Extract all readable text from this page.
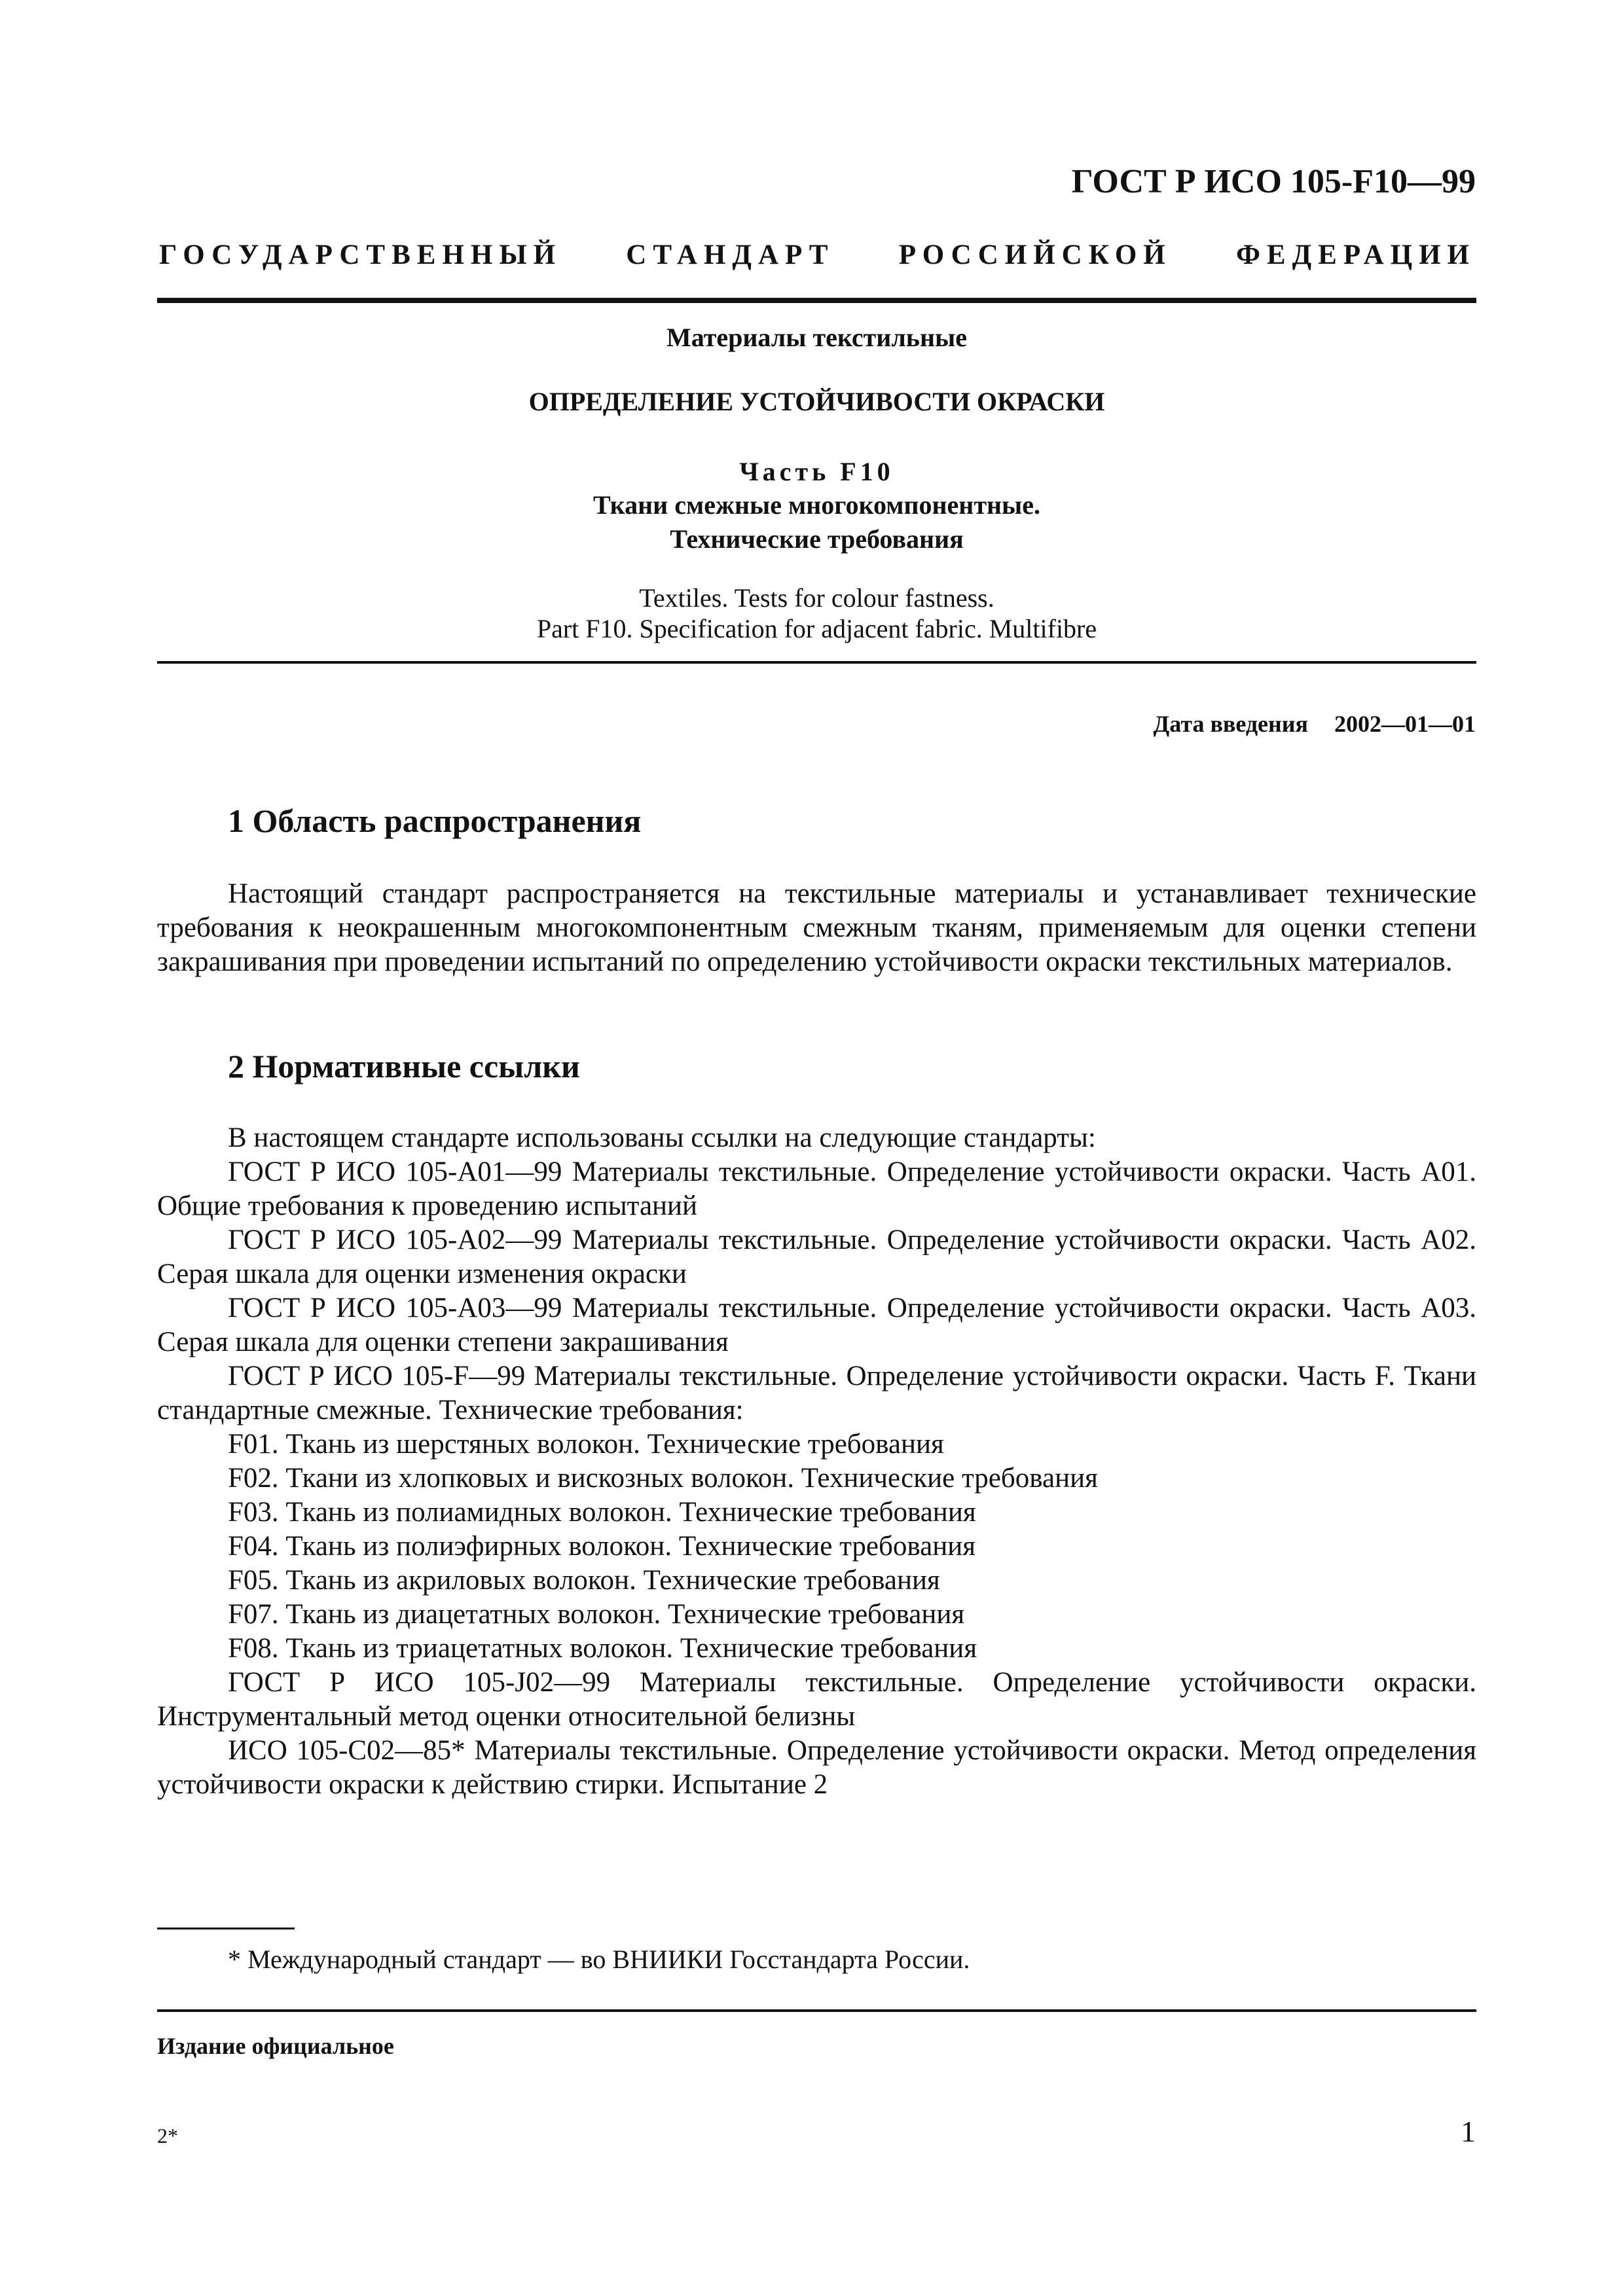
ГОСТ Р ИСО 105-F10—99
ГОСУДАРСТВЕННЫЙ СТАНДАРТ РОССИЙСКОЙ ФЕДЕРАЦИИ
Материалы текстильные
ОПРЕДЕЛЕНИЕ УСТОЙЧИВОСТИ ОКРАСКИ
Часть F10
Ткани смежные многокомпонентные.
Технические требования
Textiles. Tests for colour fastness.
Part F10. Specification for adjacent fabric. Multifibre
Дата введения 2002—01—01
1 Область распространения

Настоящий стандарт распространяется на текстильные материалы и устанавливает технические требования к неокрашенным многокомпонентным смежным тканям, применяемым для оценки степени закрашивания при проведении испытаний по определению устойчивости окраски текстильных материалов.

2 Нормативные ссылки

В настоящем стандарте использованы ссылки на следующие стандарты:

ГОСТ Р ИСО 105-А01—99 Материалы текстильные. Определение устойчивости окраски. Часть А01. Общие требования к проведению испытаний

ГОСТ Р ИСО 105-А02—99 Материалы текстильные. Определение устойчивости окраски. Часть А02. Серая шкала для оценки изменения окраски

ГОСТ Р ИСО 105-А03—99 Материалы текстильные. Определение устойчивости окраски. Часть А03. Серая шкала для оценки степени закрашивания

ГОСТ Р ИСО 105-F—99 Материалы текстильные. Определение устойчивости окраски. Часть F. Ткани стандартные смежные. Технические требования:

F01. Ткань из шерстяных волокон. Технические требования

F02. Ткани из хлопковых и вискозных волокон. Технические требования

F03. Ткань из полиамидных волокон. Технические требования

F04. Ткань из полиэфирных волокон. Технические требования

F05. Ткань из акриловых волокон. Технические требования

F07. Ткань из диацетатных волокон. Технические требования

F08. Ткань из триацетатных волокон. Технические требования

ГОСТ Р ИСО 105-J02—99 Материалы текстильные. Определение устойчивости окраски. Инструментальный метод оценки относительной белизны

ИСО 105-С02—85* Материалы текстильные. Определение устойчивости окраски. Метод определения устойчивости окраски к действию стирки. Испытание 2

* Международный стандарт — во ВНИИКИ Госстандарта России.
Издание официальное
2*	1
